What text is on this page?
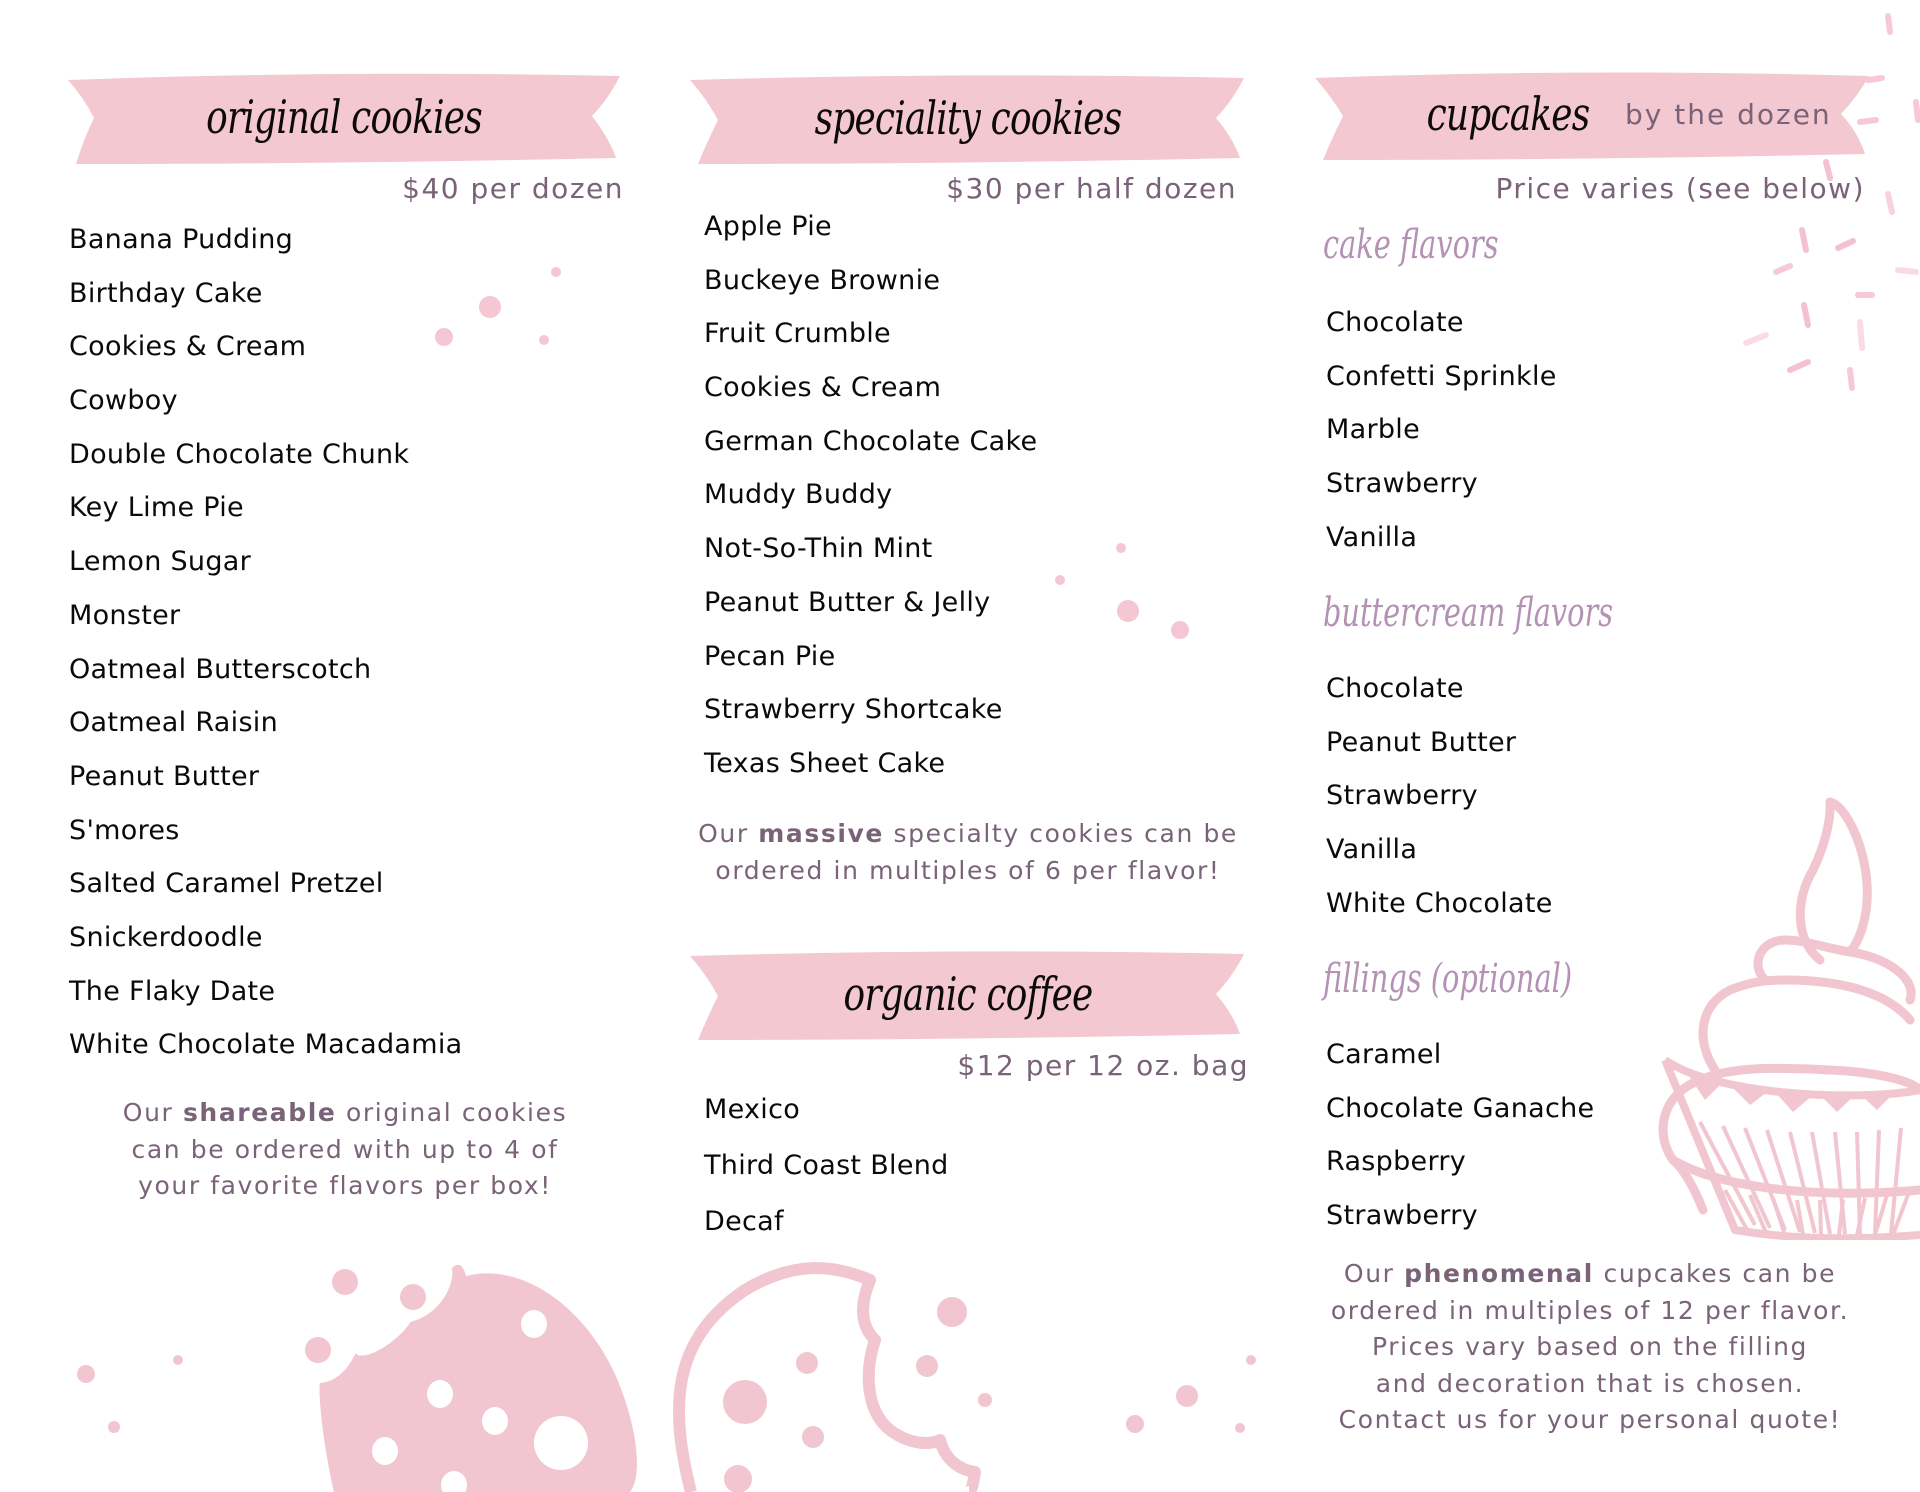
original cookies
$40 per dozen
Banana Pudding
Birthday Cake
Cookies & Cream
Cowboy
Double Chocolate Chunk
Key Lime Pie
Lemon Sugar
Monster
Oatmeal Butterscotch
Oatmeal Raisin
Peanut Butter
S'mores
Salted Caramel Pretzel
Snickerdoodle
The Flaky Date
White Chocolate Macadamia
Our shareable original cookies
can be ordered with up to 4 of
your favorite flavors per box!
speciality cookies
$30 per half dozen
Apple Pie
Buckeye Brownie
Fruit Crumble
Cookies & Cream
German Chocolate Cake
Muddy Buddy
Not-So-Thin Mint
Peanut Butter & Jelly
Pecan Pie
Strawberry Shortcake
Texas Sheet Cake
Our massive specialty cookies can be
ordered in multiples of 6 per flavor!
organic coffee
$12 per 12 oz. bag
Mexico
Third Coast Blend
Decaf
cupcakes by the dozen
Price varies (see below)
cake flavors
Chocolate
Confetti Sprinkle
Marble
Strawberry
Vanilla
buttercream flavors
Chocolate
Peanut Butter
Strawberry
Vanilla
White Chocolate
fillings (optional)
Caramel
Chocolate Ganache
Raspberry
Strawberry
Our phenomenal cupcakes can be
ordered in multiples of 12 per flavor.
Prices vary based on the filling
and decoration that is chosen.
Contact us for your personal quote!
